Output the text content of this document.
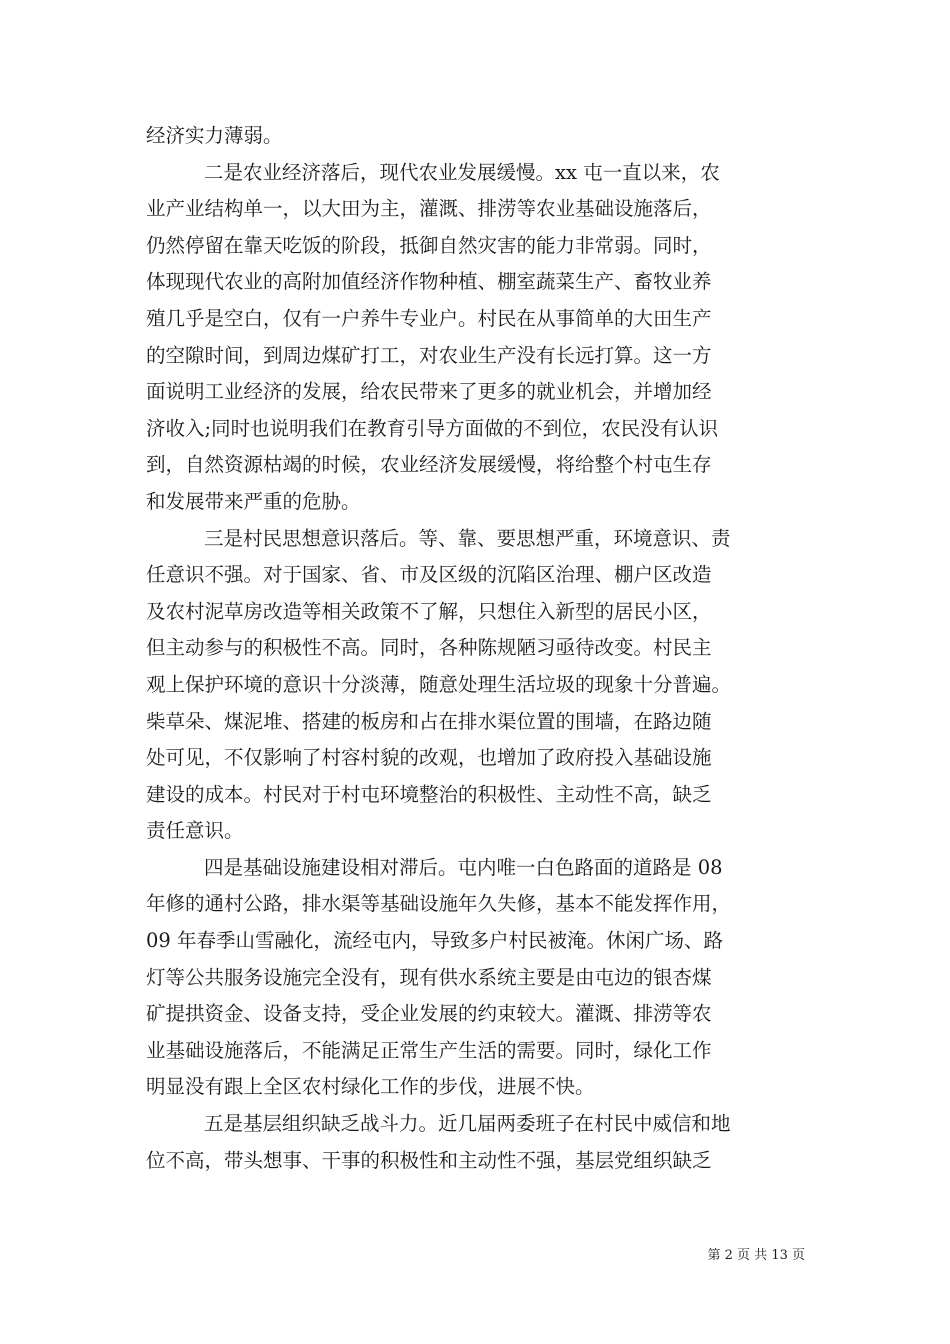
经济实力薄弱。
二是农业经济落后，现代农业发展缓慢。xx 屯一直以来，农
业产业结构单一，以大田为主，灌溉、排涝等农业基础设施落后，
仍然停留在靠天吃饭的阶段，抵御自然灾害的能力非常弱。同时，
体现现代农业的高附加值经济作物种植、棚室蔬菜生产、畜牧业养
殖几乎是空白，仅有一户养牛专业户。村民在从事简单的大田生产
的空隙时间，到周边煤矿打工，对农业生产没有长远打算。这一方
面说明工业经济的发展，给农民带来了更多的就业机会，并增加经
济收入;同时也说明我们在教育引导方面做的不到位，农民没有认识
到，自然资源枯竭的时候，农业经济发展缓慢，将给整个村屯生存
和发展带来严重的危胁。
三是村民思想意识落后。等、靠、要思想严重，环境意识、责
任意识不强。对于国家、省、市及区级的沉陷区治理、棚户区改造
及农村泥草房改造等相关政策不了解，只想住入新型的居民小区，
但主动参与的积极性不高。同时，各种陈规陋习亟待改变。村民主
观上保护环境的意识十分淡薄，随意处理生活垃圾的现象十分普遍。
柴草朵、煤泥堆、搭建的板房和占在排水渠位置的围墙，在路边随
处可见，不仅影响了村容村貌的改观，也增加了政府投入基础设施
建设的成本。村民对于村屯环境整治的积极性、主动性不高，缺乏
责任意识。
四是基础设施建设相对滞后。屯内唯一白色路面的道路是 08
年修的通村公路，排水渠等基础设施年久失修，基本不能发挥作用，
09 年春季山雪融化，流经屯内，导致多户村民被淹。休闲广场、路
灯等公共服务设施完全没有，现有供水系统主要是由屯边的银杏煤
矿提拱资金、设备支持，受企业发展的约束较大。灌溉、排涝等农
业基础设施落后，不能满足正常生产生活的需要。同时，绿化工作
明显没有跟上全区农村绿化工作的步伐，进展不快。
五是基层组织缺乏战斗力。近几届两委班子在村民中威信和地
位不高，带头想事、干事的积极性和主动性不强，基层党组织缺乏
第 2 页 共 13 页
